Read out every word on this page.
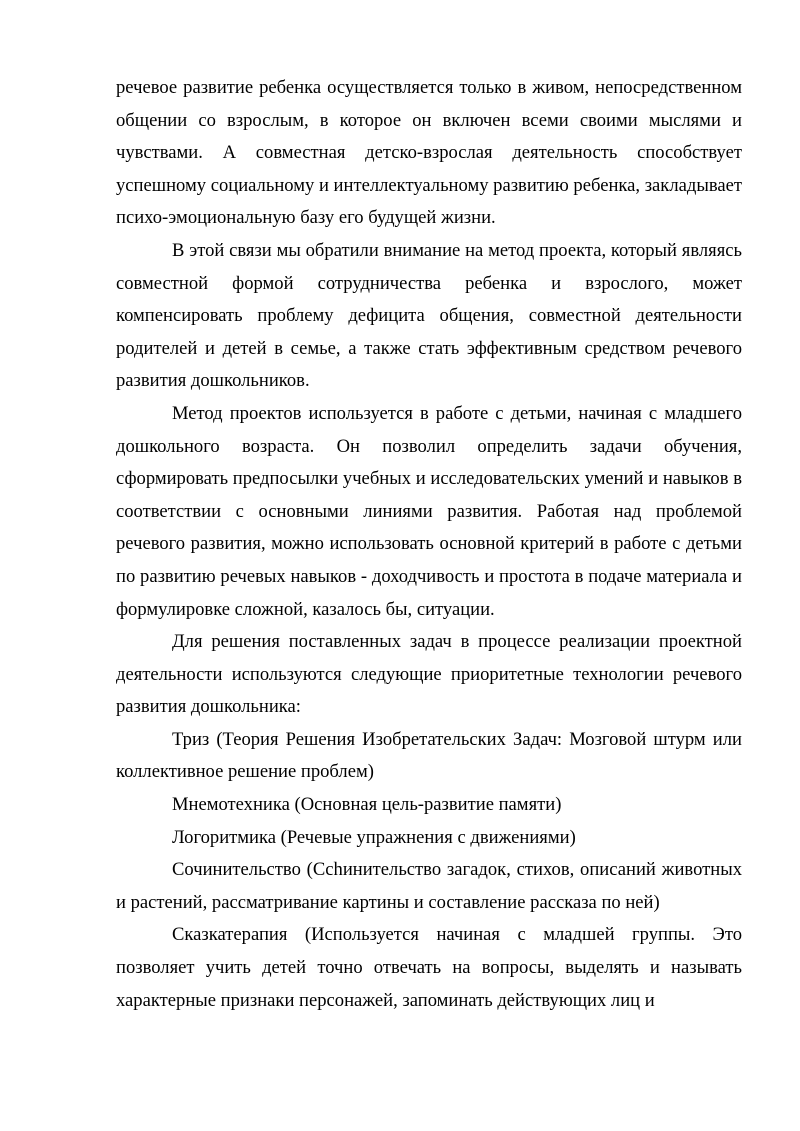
речевое развитие ребенка осуществляется только в живом, непосредственном общении со взрослым, в которое он включен всеми своими мыслями и чувствами. А совместная детско-взрослая деятельность способствует успешному социальному и интеллектуальному развитию ребенка, закладывает психо-эмоциональную базу его будущей жизни.

В этой связи мы обратили внимание на метод проекта, который являясь совместной формой сотрудничества ребенка и взрослого, может компенсировать проблему дефицита общения, совместной деятельности родителей и детей в семье, а также стать эффективным средством речевого развития дошкольников.

Метод проектов используется в работе с детьми, начиная с младшего дошкольного возраста. Он позволил определить задачи обучения, сформировать предпосылки учебных и исследовательских умений и навыков в соответствии с основными линиями развития. Работая над проблемой речевого развития, можно использовать основной критерий в работе с детьми по развитию речевых навыков - доходчивость и простота в подаче материала и формулировке сложной, казалось бы, ситуации.

Для решения поставленных задач в процессе реализации проектной деятельности используются следующие приоритетные технологии речевого развития дошкольника:

Триз (Теория Решения Изобретательских Задач: Мозговой штурм или коллективное решение проблем)

Мнемотехника (Основная цель-развитие памяти)

Логоритмика (Речевые упражнения с движениями)

Сочинительство (Сchинительство загадок, стихов, описаний животных и растений, рассматривание картины и составление рассказа по ней)

Сказкатерапия (Используется начиная с младшей группы. Это позволяет учить детей точно отвечать на вопросы, выделять и называть характерные признаки персонажей, запоминать действующих лиц и
